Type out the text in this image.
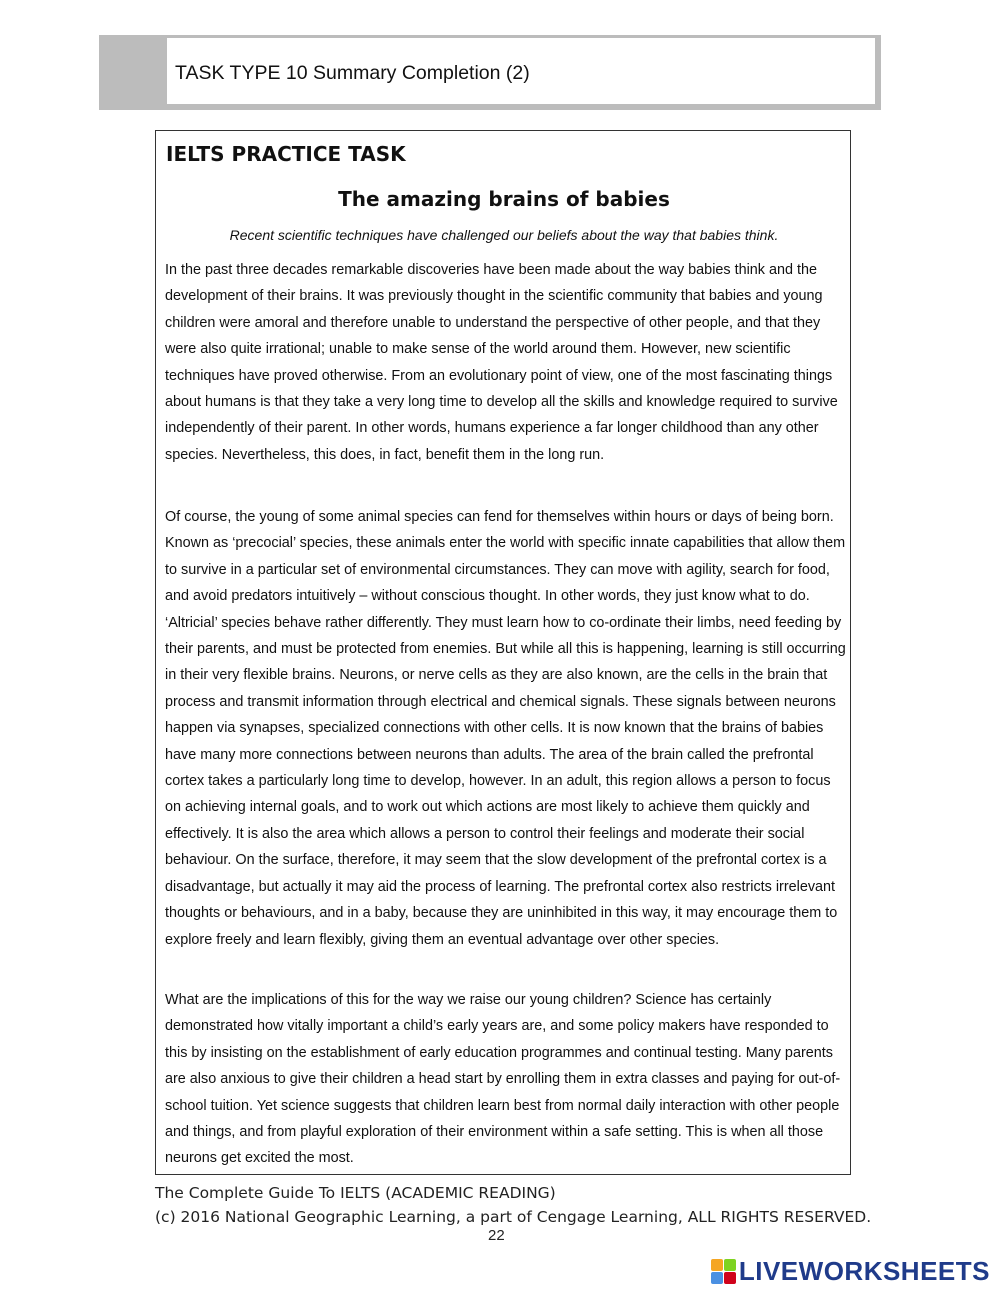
TASK TYPE 10 Summary Completion (2)
IELTS PRACTICE TASK
The amazing brains of babies
Recent scientific techniques have challenged our beliefs about the way that babies think.

In the past three decades remarkable discoveries have been made about the way babies think and the development of their brains. It was previously thought in the scientific community that babies and young children were amoral and therefore unable to understand the perspective of other people, and that they were also quite irrational; unable to make sense of the world around them. However, new scientific techniques have proved otherwise. From an evolutionary point of view, one of the most fascinating things about humans is that they take a very long time to develop all the skills and knowledge required to survive independently of their parent. In other words, humans experience a far longer childhood than any other species. Nevertheless, this does, in fact, benefit them in the long run.

Of course, the young of some animal species can fend for themselves within hours or days of being born. Known as ‘precocial’ species, these animals enter the world with specific innate capabilities that allow them to survive in a particular set of environmental circumstances. They can move with agility, search for food, and avoid predators intuitively – without conscious thought. In other words, they just know what to do. ‘Altricial’ species behave rather differently. They must learn how to co-ordinate their limbs, need feeding by their parents, and must be protected from enemies. But while all this is happening, learning is still occurring in their very flexible brains. Neurons, or nerve cells as they are also known, are the cells in the brain that process and transmit information through electrical and chemical signals. These signals between neurons happen via synapses, specialized connections with other cells. It is now known that the brains of babies have many more connections between neurons than adults. The area of the brain called the prefrontal cortex takes a particularly long time to develop, however. In an adult, this region allows a person to focus on achieving internal goals, and to work out which actions are most likely to achieve them quickly and effectively. It is also the area which allows a person to control their feelings and moderate their social behaviour. On the surface, therefore, it may seem that the slow development of the prefrontal cortex is a disadvantage, but actually it may aid the process of learning. The prefrontal cortex also restricts irrelevant thoughts or behaviours, and in a baby, because they are uninhibited in this way, it may encourage them to explore freely and learn flexibly, giving them an eventual advantage over other species.

What are the implications of this for the way we raise our young children? Science has certainly demonstrated how vitally important a child’s early years are, and some policy makers have responded to this by insisting on the establishment of early education programmes and continual testing. Many parents are also anxious to give their children a head start by enrolling them in extra classes and paying for out-of-school tuition. Yet science suggests that children learn best from normal daily interaction with other people and things, and from playful exploration of their environment within a safe setting. This is when all those neurons get excited the most.

The Complete Guide To IELTS (ACADEMIC READING)
(c) 2016 National Geographic Learning, a part of Cengage Learning, ALL RIGHTS RESERVED.
22
LIVEWORKSHEETS
